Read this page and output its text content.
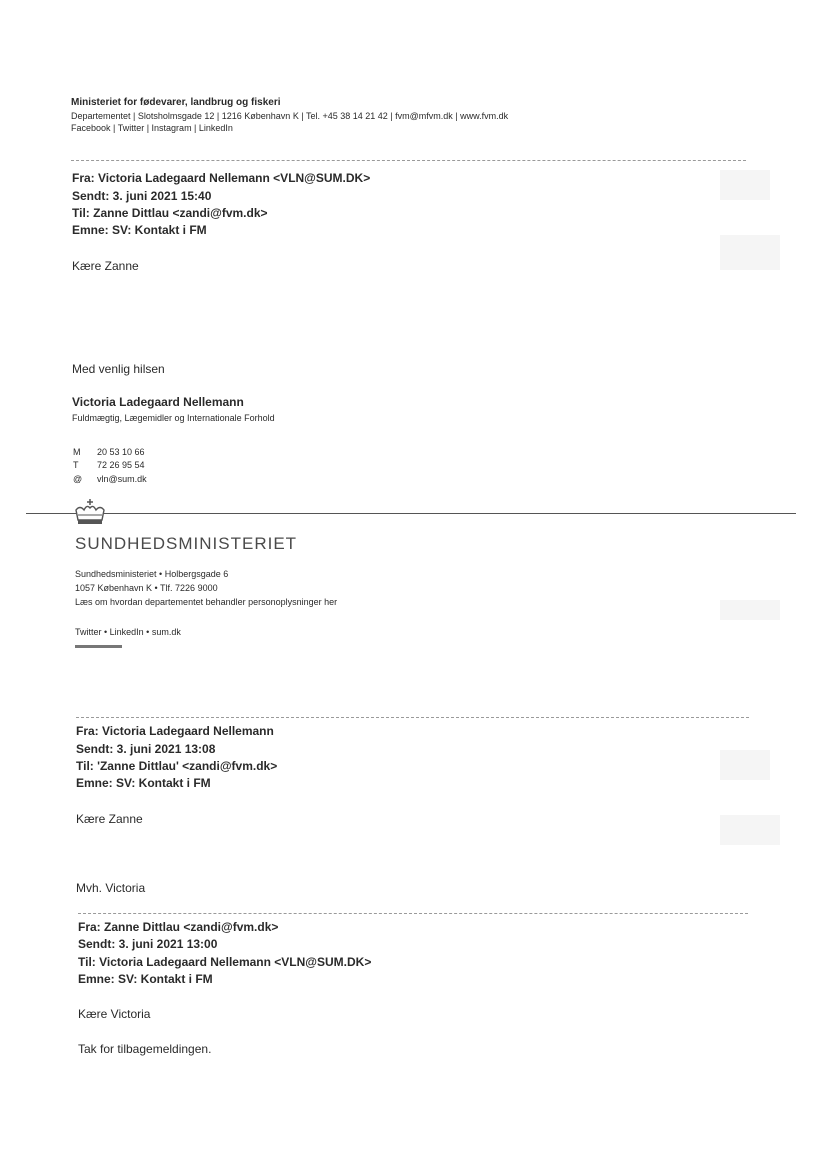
Ministeriet for fødevarer, landbrug og fiskeri
Departementet | Slotsholmsgade 12 | 1216 København K | Tel. +45 38 14 21 42 | fvm@mfvm.dk | www.fvm.dk
Facebook | Twitter | Instagram | LinkedIn
Fra: Victoria Ladegaard Nellemann <VLN@SUM.DK>
Sendt: 3. juni 2021 15:40
Til: Zanne Dittlau <zandi@fvm.dk>
Emne: SV: Kontakt i FM
Kære Zanne
Med venlig hilsen
Victoria Ladegaard Nellemann
Fuldmægtig, Lægemidler og Internationale Forhold
M 20 53 10 66
T 72 26 95 54
@ vln@sum.dk
SUNDHEDSMINISTERIET
Sundhedsministeriet • Holbergsgade 6
1057 København K • Tlf. 7226 9000
Læs om hvordan departementet behandler personoplysninger her
Twitter • LinkedIn • sum.dk
Fra: Victoria Ladegaard Nellemann
Sendt: 3. juni 2021 13:08
Til: 'Zanne Dittlau' <zandi@fvm.dk>
Emne: SV: Kontakt i FM
Kære Zanne
Mvh. Victoria
Fra: Zanne Dittlau <zandi@fvm.dk>
Sendt: 3. juni 2021 13:00
Til: Victoria Ladegaard Nellemann <VLN@SUM.DK>
Emne: SV: Kontakt i FM
Kære Victoria
Tak for tilbagemeldingen.
